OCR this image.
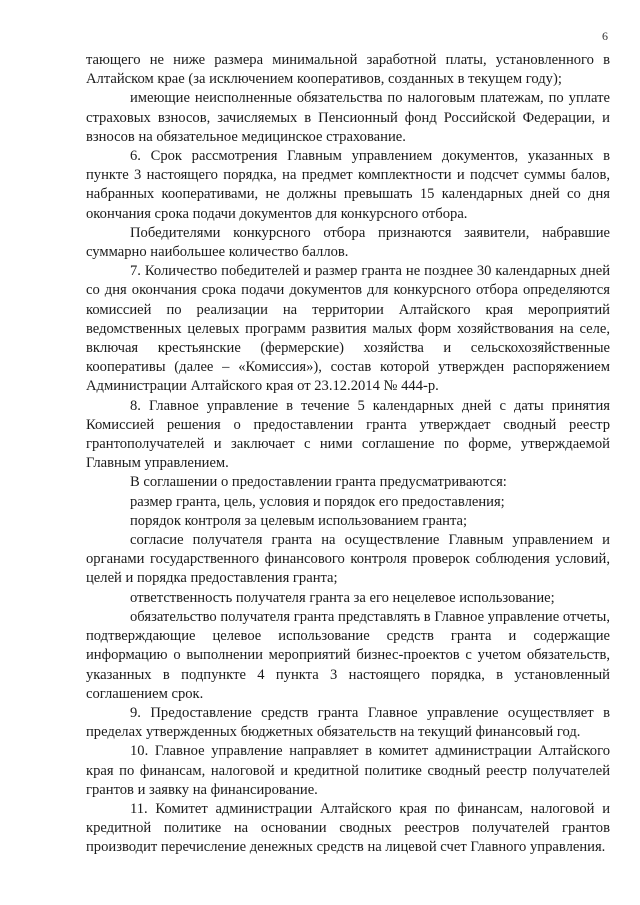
6

тающего не ниже размера минимальной заработной платы, установленного в Алтайском крае (за исключением кооперативов, созданных в текущем году);

имеющие неисполненные обязательства по налоговым платежам, по уплате страховых взносов, зачисляемых в Пенсионный фонд Российской Федерации, и взносов на обязательное медицинское страхование.

6. Срок рассмотрения Главным управлением документов, указанных в пункте 3 настоящего порядка, на предмет комплектности и подсчет суммы балов, набранных кооперативами, не должны превышать 15 календарных дней со дня окончания срока подачи документов для конкурсного отбора.

Победителями конкурсного отбора признаются заявители, набравшие суммарно наибольшее количество баллов.

7. Количество победителей и размер гранта не позднее 30 календарных дней со дня окончания срока подачи документов для конкурсного отбора определяются комиссией по реализации на территории Алтайского края мероприятий ведомственных целевых программ развития малых форм хозяйствования на селе, включая крестьянские (фермерские) хозяйства и сельскохозяйственные кооперативы (далее – «Комиссия»), состав которой утвержден распоряжением Администрации Алтайского края от 23.12.2014 № 444-р.

8. Главное управление в течение 5 календарных дней с даты принятия Комиссией решения о предоставлении гранта утверждает сводный реестр грантополучателей и заключает с ними соглашение по форме, утверждаемой Главным управлением.

В соглашении о предоставлении гранта предусматриваются:

размер гранта, цель, условия и порядок его предоставления;

порядок контроля за целевым использованием гранта;

согласие получателя гранта на осуществление Главным управлением и органами государственного финансового контроля проверок соблюдения условий, целей и порядка предоставления гранта;

ответственность получателя гранта за его нецелевое использование;

обязательство получателя гранта представлять в Главное управление отчеты, подтверждающие целевое использование средств гранта и содержащие информацию о выполнении мероприятий бизнес-проектов с учетом обязательств, указанных в подпункте 4 пункта 3 настоящего порядка, в установленный соглашением срок.

9. Предоставление средств гранта Главное управление осуществляет в пределах утвержденных бюджетных обязательств на текущий финансовый год.

10. Главное управление направляет в комитет администрации Алтайского края по финансам, налоговой и кредитной политике сводный реестр получателей грантов и заявку на финансирование.

11. Комитет администрации Алтайского края по финансам, налоговой и кредитной политике на основании сводных реестров получателей грантов производит перечисление денежных средств на лицевой счет Главного управления.
